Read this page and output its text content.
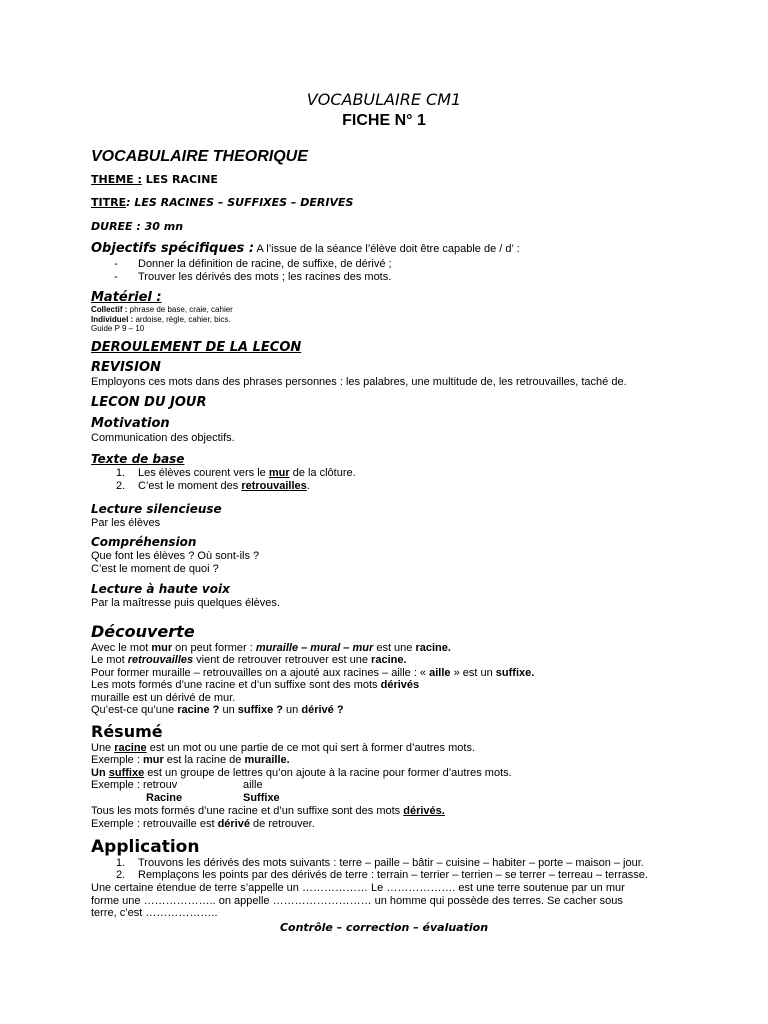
VOCABULAIRE CM1
FICHE N° 1
VOCABULAIRE THEORIQUE
THEME : LES RACINE
TITRE: LES RACINES – SUFFIXES – DERIVES
DUREE : 30 mn
Objectifs spécifiques : A l’issue de la séance l’élève doit être capable de / d’ :
- Donner la définition de racine, de suffixe, de dérivé ;
- Trouver les dérivés des mots ; les racines des mots.
Matériel :
Collectif : phrase de base, craie, cahier
Individuel : ardoise, règle, cahier, bics.
Guide P 9 – 10
DEROULEMENT DE LA LECON
REVISION
Employons ces mots dans des phrases personnes : les palabres, une multitude de, les retrouvailles, taché de.
LECON DU JOUR
Motivation
Communication des objectifs.
Texte de base
1. Les élèves courent vers le mur de la clôture.
2. C’est le moment des retrouvailles.
Lecture silencieuse
Par les élèves
Compréhension
Que font les élèves ? Où sont-ils ?
C’est le moment de quoi ?
Lecture à haute voix
Par la maîtresse puis quelques élèves.
Découverte
Avec le mot mur on peut former : muraille – mural – mur est une racine.
Le mot retrouvailles vient de retrouver retrouver est une racine.
Pour former muraille – retrouvailles on a ajouté aux racines – aille : « aille » est un suffixe.
Les mots formés d’une racine et d’un suffixe sont des mots dérivés
muraille est un dérivé de mur.
Qu’est-ce qu’une racine ? un suffixe ? un dérivé ?
Résumé
Une racine est un mot ou une partie de ce mot qui sert à former d’autres mots.
Exemple : mur est la racine de muraille.
Un suffixe est un groupe de lettres qu’on ajoute à la racine pour former d’autres mots.
Exemple : retrouv	aille
Racine	Suffixe
Tous les mots formés d’une racine et d’un suffixe sont des mots dérivés.
Exemple : retrouvaille est dérivé de retrouver.
Application
1. Trouvons les dérivés des mots suivants : terre – paille – bâtir – cuisine – habiter – porte – maison – jour.
2. Remplaçons les points par des dérivés de terre : terrain – terrier – terrien – se terrer – terreau – terrasse.
Une certaine étendue de terre s’appelle un ……………… Le ………………. est une terre soutenue par un mur
forme une ……………….. on appelle ……………………… un homme qui possède des terres. Se cacher sous
terre, c’est ………………..
Contrôle – correction – évaluation
